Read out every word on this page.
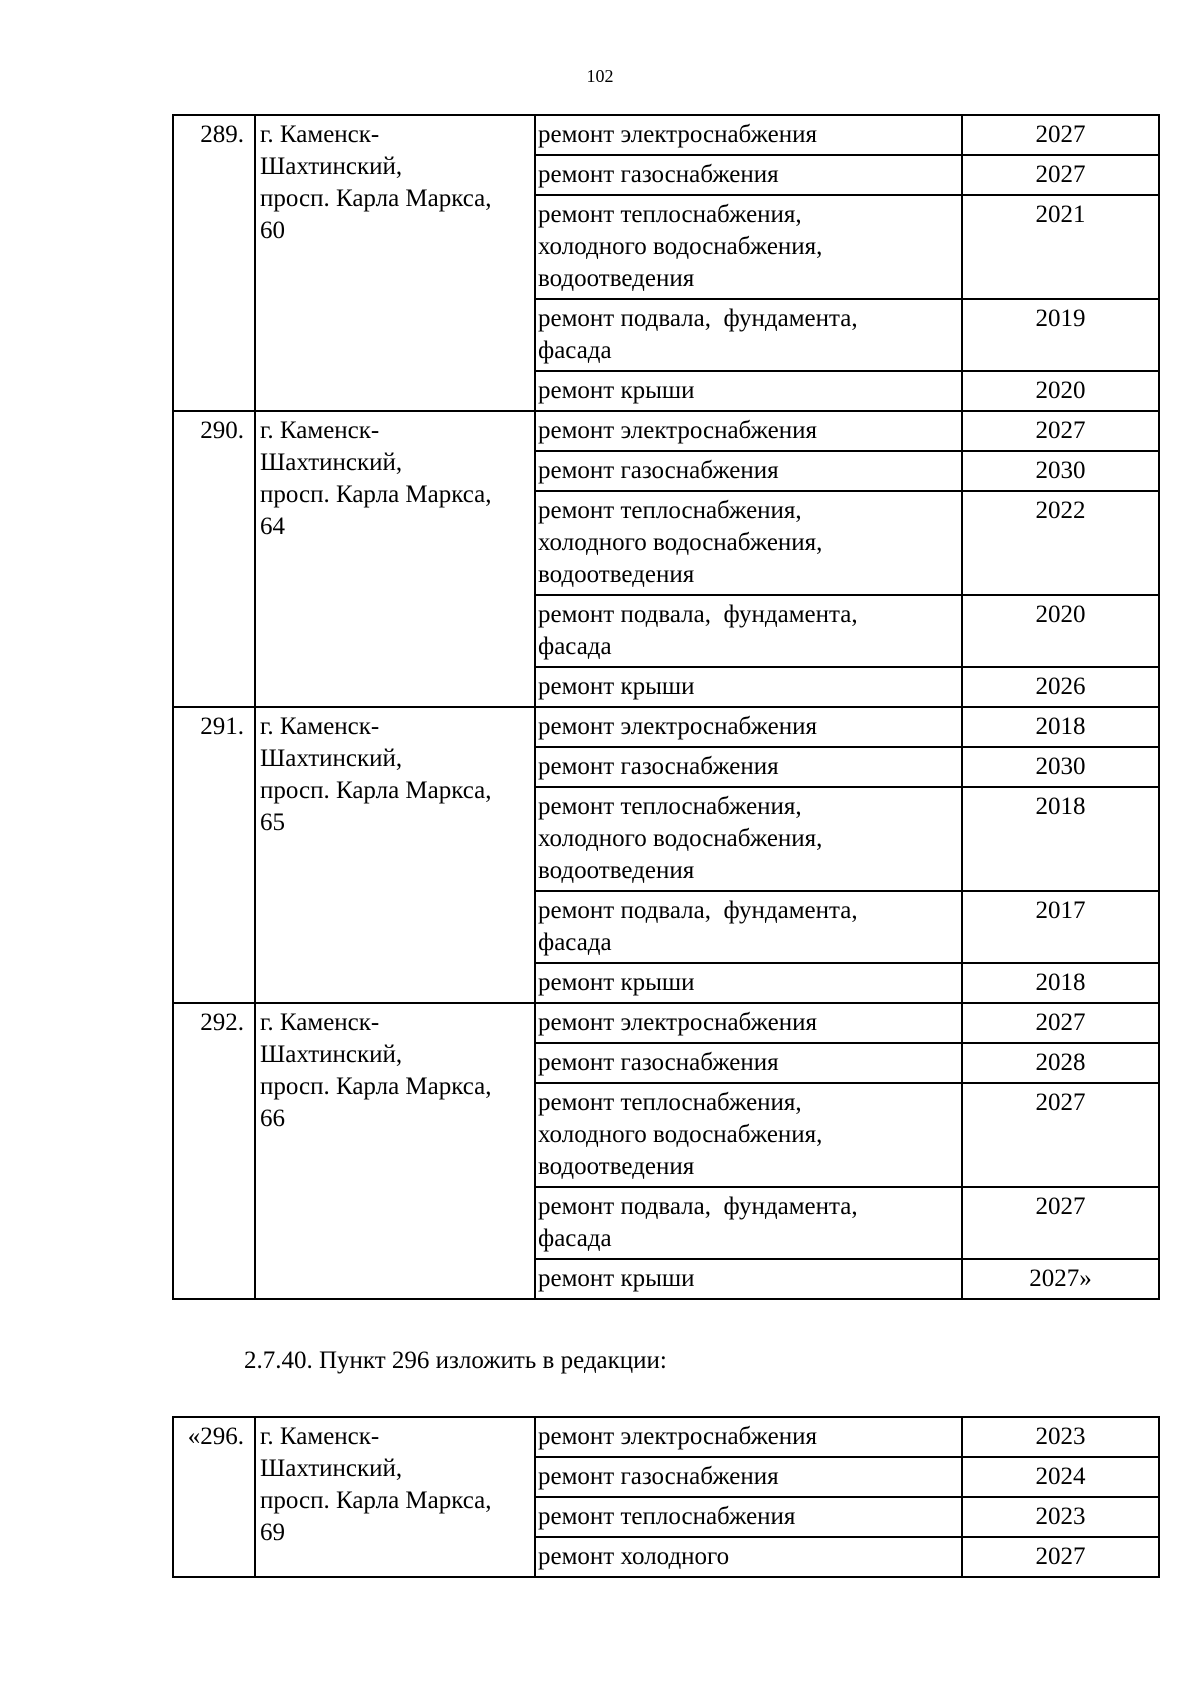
102
289.	г. Каменск-
Шахтинский,
просп. Карла Маркса,
60	ремонт электроснабжения	2027

		ремонт газоснабжения	2027

		ремонт теплоснабжения,
холодного водоснабжения,
водоотведения	2021

		ремонт подвала,  фундамента,
фасада	2019

		ремонт крыши	2020
290.	г. Каменск-
Шахтинский,
просп. Карла Маркса,
64	ремонт электроснабжения	2027

		ремонт газоснабжения	2030

		ремонт теплоснабжения,
холодного водоснабжения,
водоотведения	2022

		ремонт подвала,  фундамента,
фасада	2020

		ремонт крыши	2026
291.	г. Каменск-
Шахтинский,
просп. Карла Маркса,
65	ремонт электроснабжения	2018

		ремонт газоснабжения	2030

		ремонт теплоснабжения,
холодного водоснабжения,
водоотведения	2018

		ремонт подвала,  фундамента,
фасада	2017

		ремонт крыши	2018
292.	г. Каменск-
Шахтинский,
просп. Карла Маркса,
66	ремонт электроснабжения	2027

		ремонт газоснабжения	2028

		ремонт теплоснабжения,
холодного водоснабжения,
водоотведения	2027

		ремонт подвала,  фундамента,
фасада	2027

		ремонт крыши	2027»
2.7.40. Пункт 296 изложить в редакции:
«296.	г. Каменск-
Шахтинский,
просп. Карла Маркса,
69	ремонт электроснабжения	2023

		ремонт газоснабжения	2024

		ремонт теплоснабжения	2023

		ремонт холодного	2027
